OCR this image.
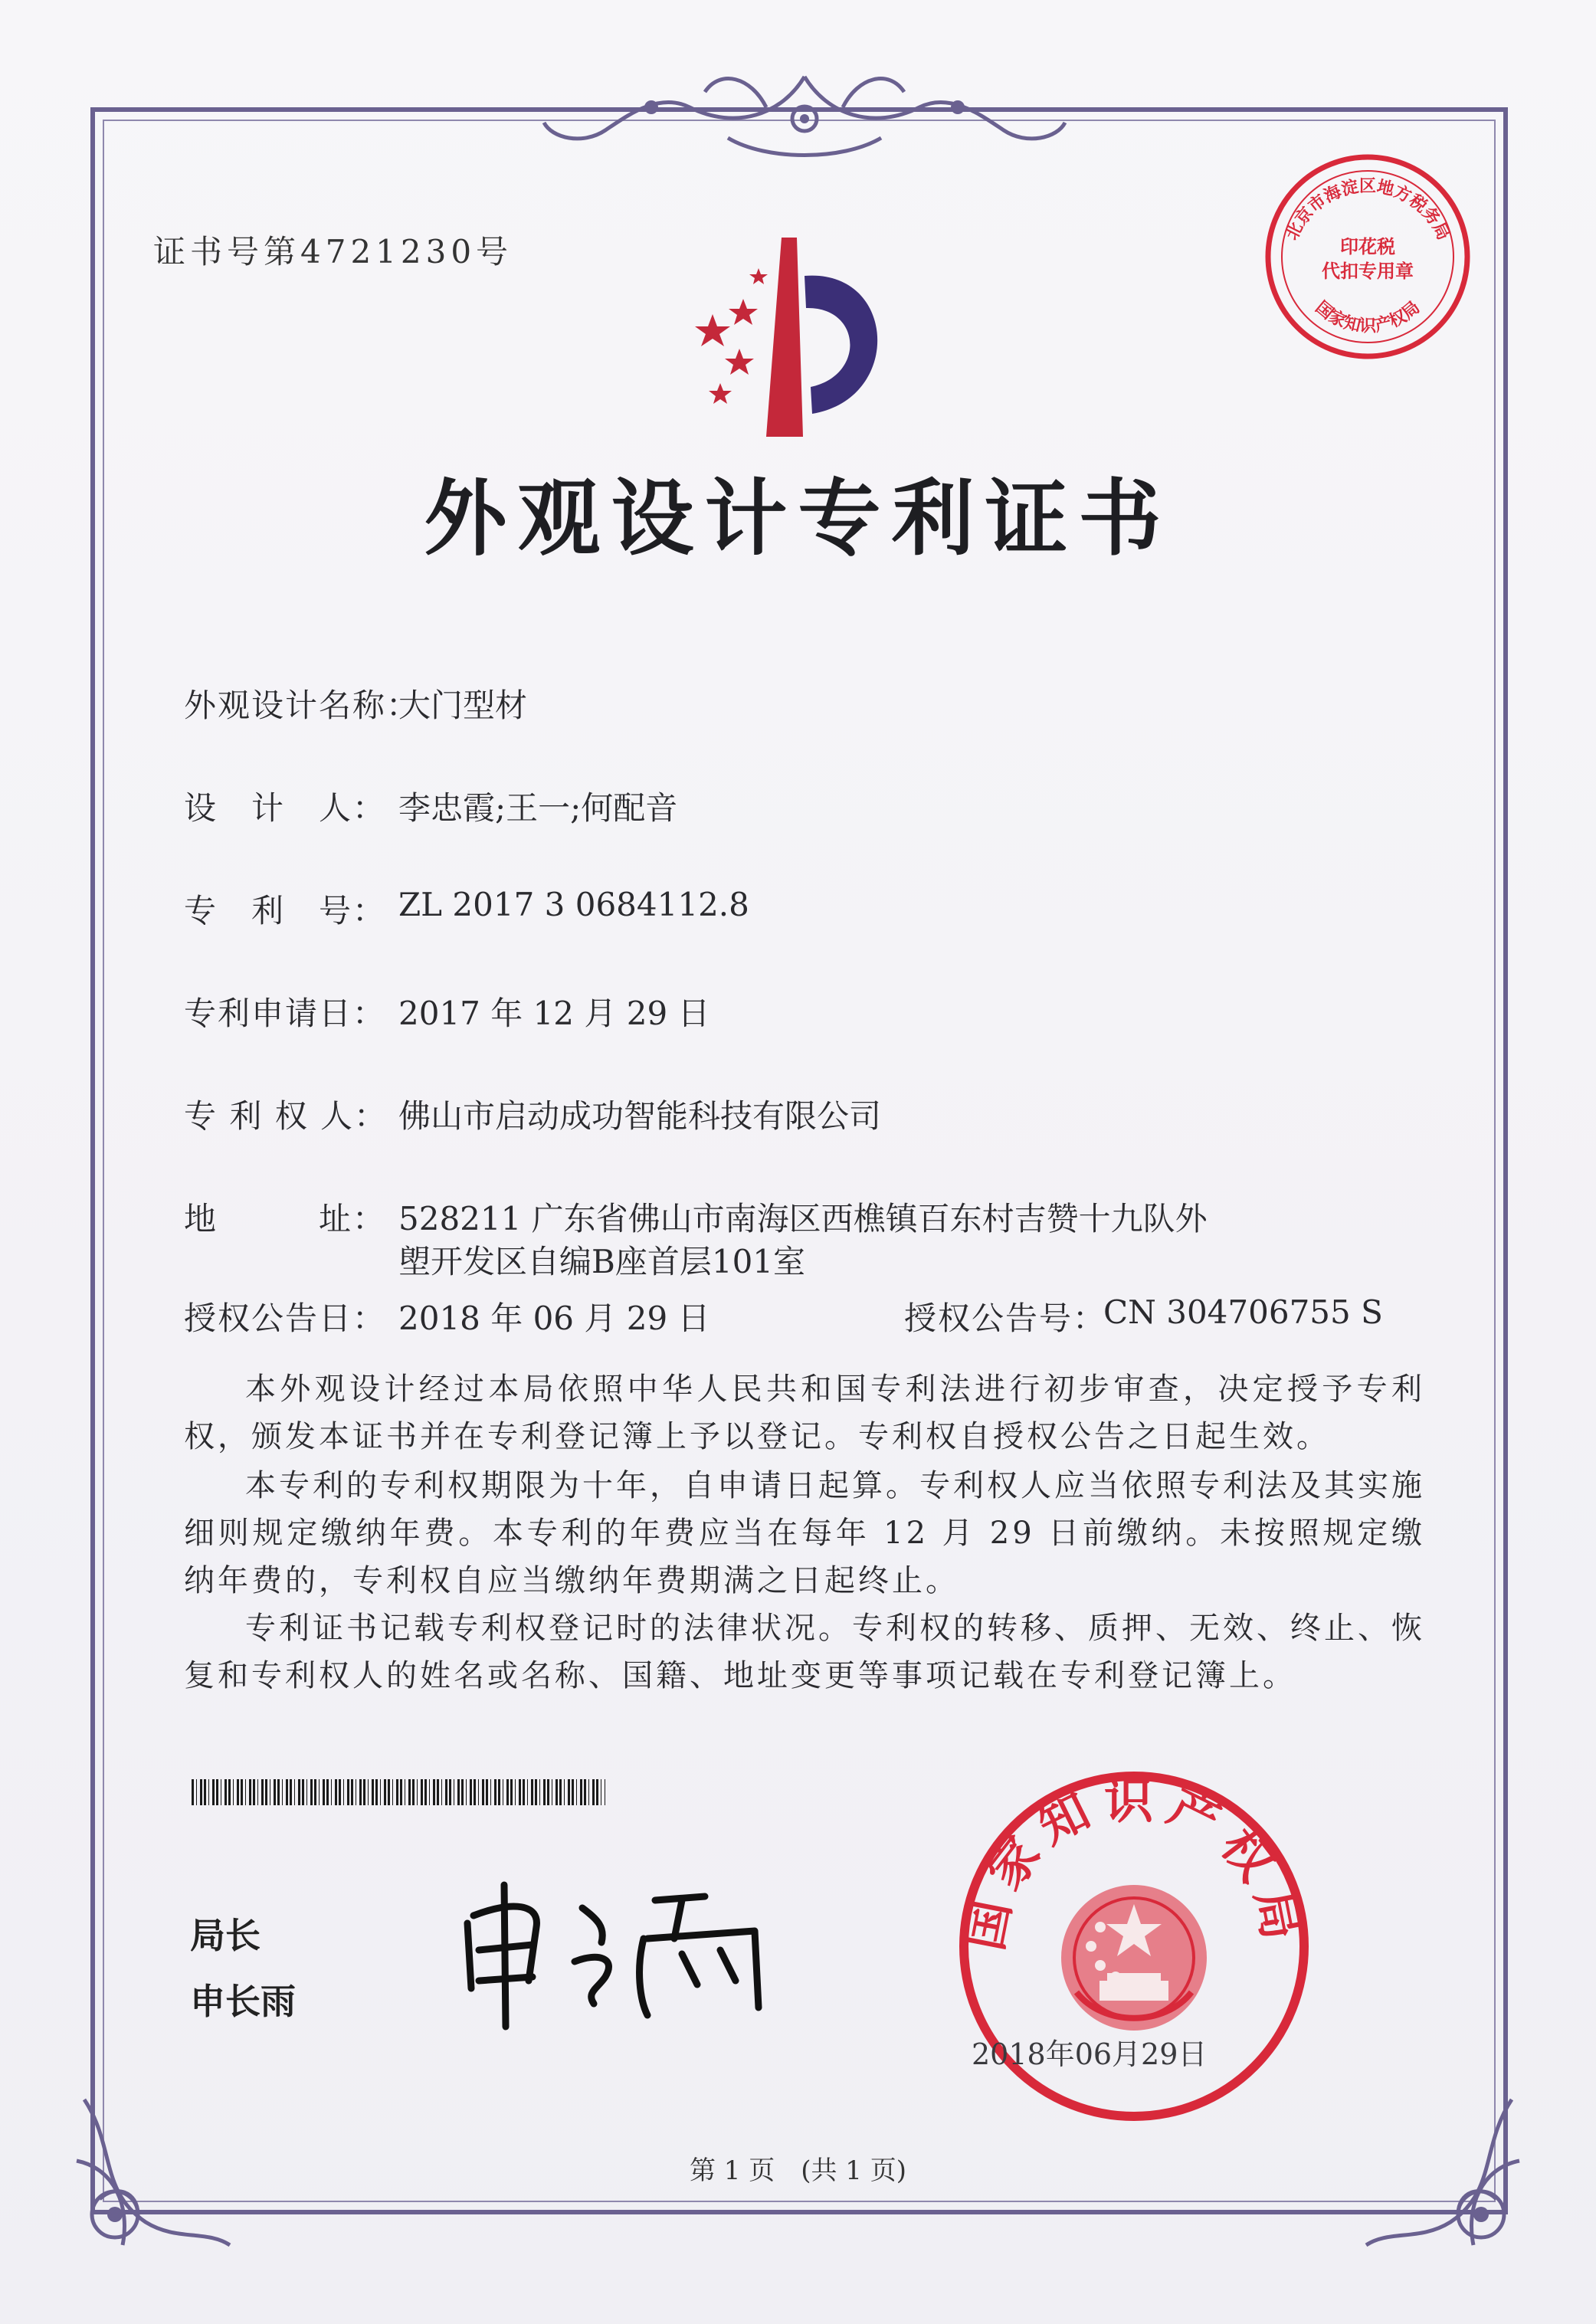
证书号第4721230号
北京市海淀区地方税务局
国家知识产权局
印花税
代扣专用章
外观设计专利证书
外观设计名称：
大门型材
设　计　人： 李忠霞;王一;何配音
专　利　号： ZL 2017 3 0684112.8
专利申请日： 2017 年 12 月 29 日
专 利 权 人： 佛山市启动成功智能科技有限公司
地　　　址： 528211 广东省佛山市南海区西樵镇百东村吉赞十九队外
塱开发区自编B座首层101室
授权公告日： 2018 年 06 月 29 日	授权公告号：
CN 304706755 S
本外观设计经过本局依照中华人民共和国专利法进行初步审查，决定授予专利权，颁发本证书并在专利登记簿上予以登记。专利权自授权公告之日起生效。
本专利的专利权期限为十年，自申请日起算。专利权人应当依照专利法及其实施细则规定缴纳年费。本专利的年费应当在每年 12 月 29 日前缴纳。未按照规定缴纳年费的，专利权自应当缴纳年费期满之日起终止。
专利证书记载专利权登记时的法律状况。专利权的转移、质押、无效、终止、恢复和专利权人的姓名或名称、国籍、地址变更等事项记载在专利登记簿上。
局长
申长雨
国家知识产权局
2018年06月29日
第 1 页　(共 1 页)
